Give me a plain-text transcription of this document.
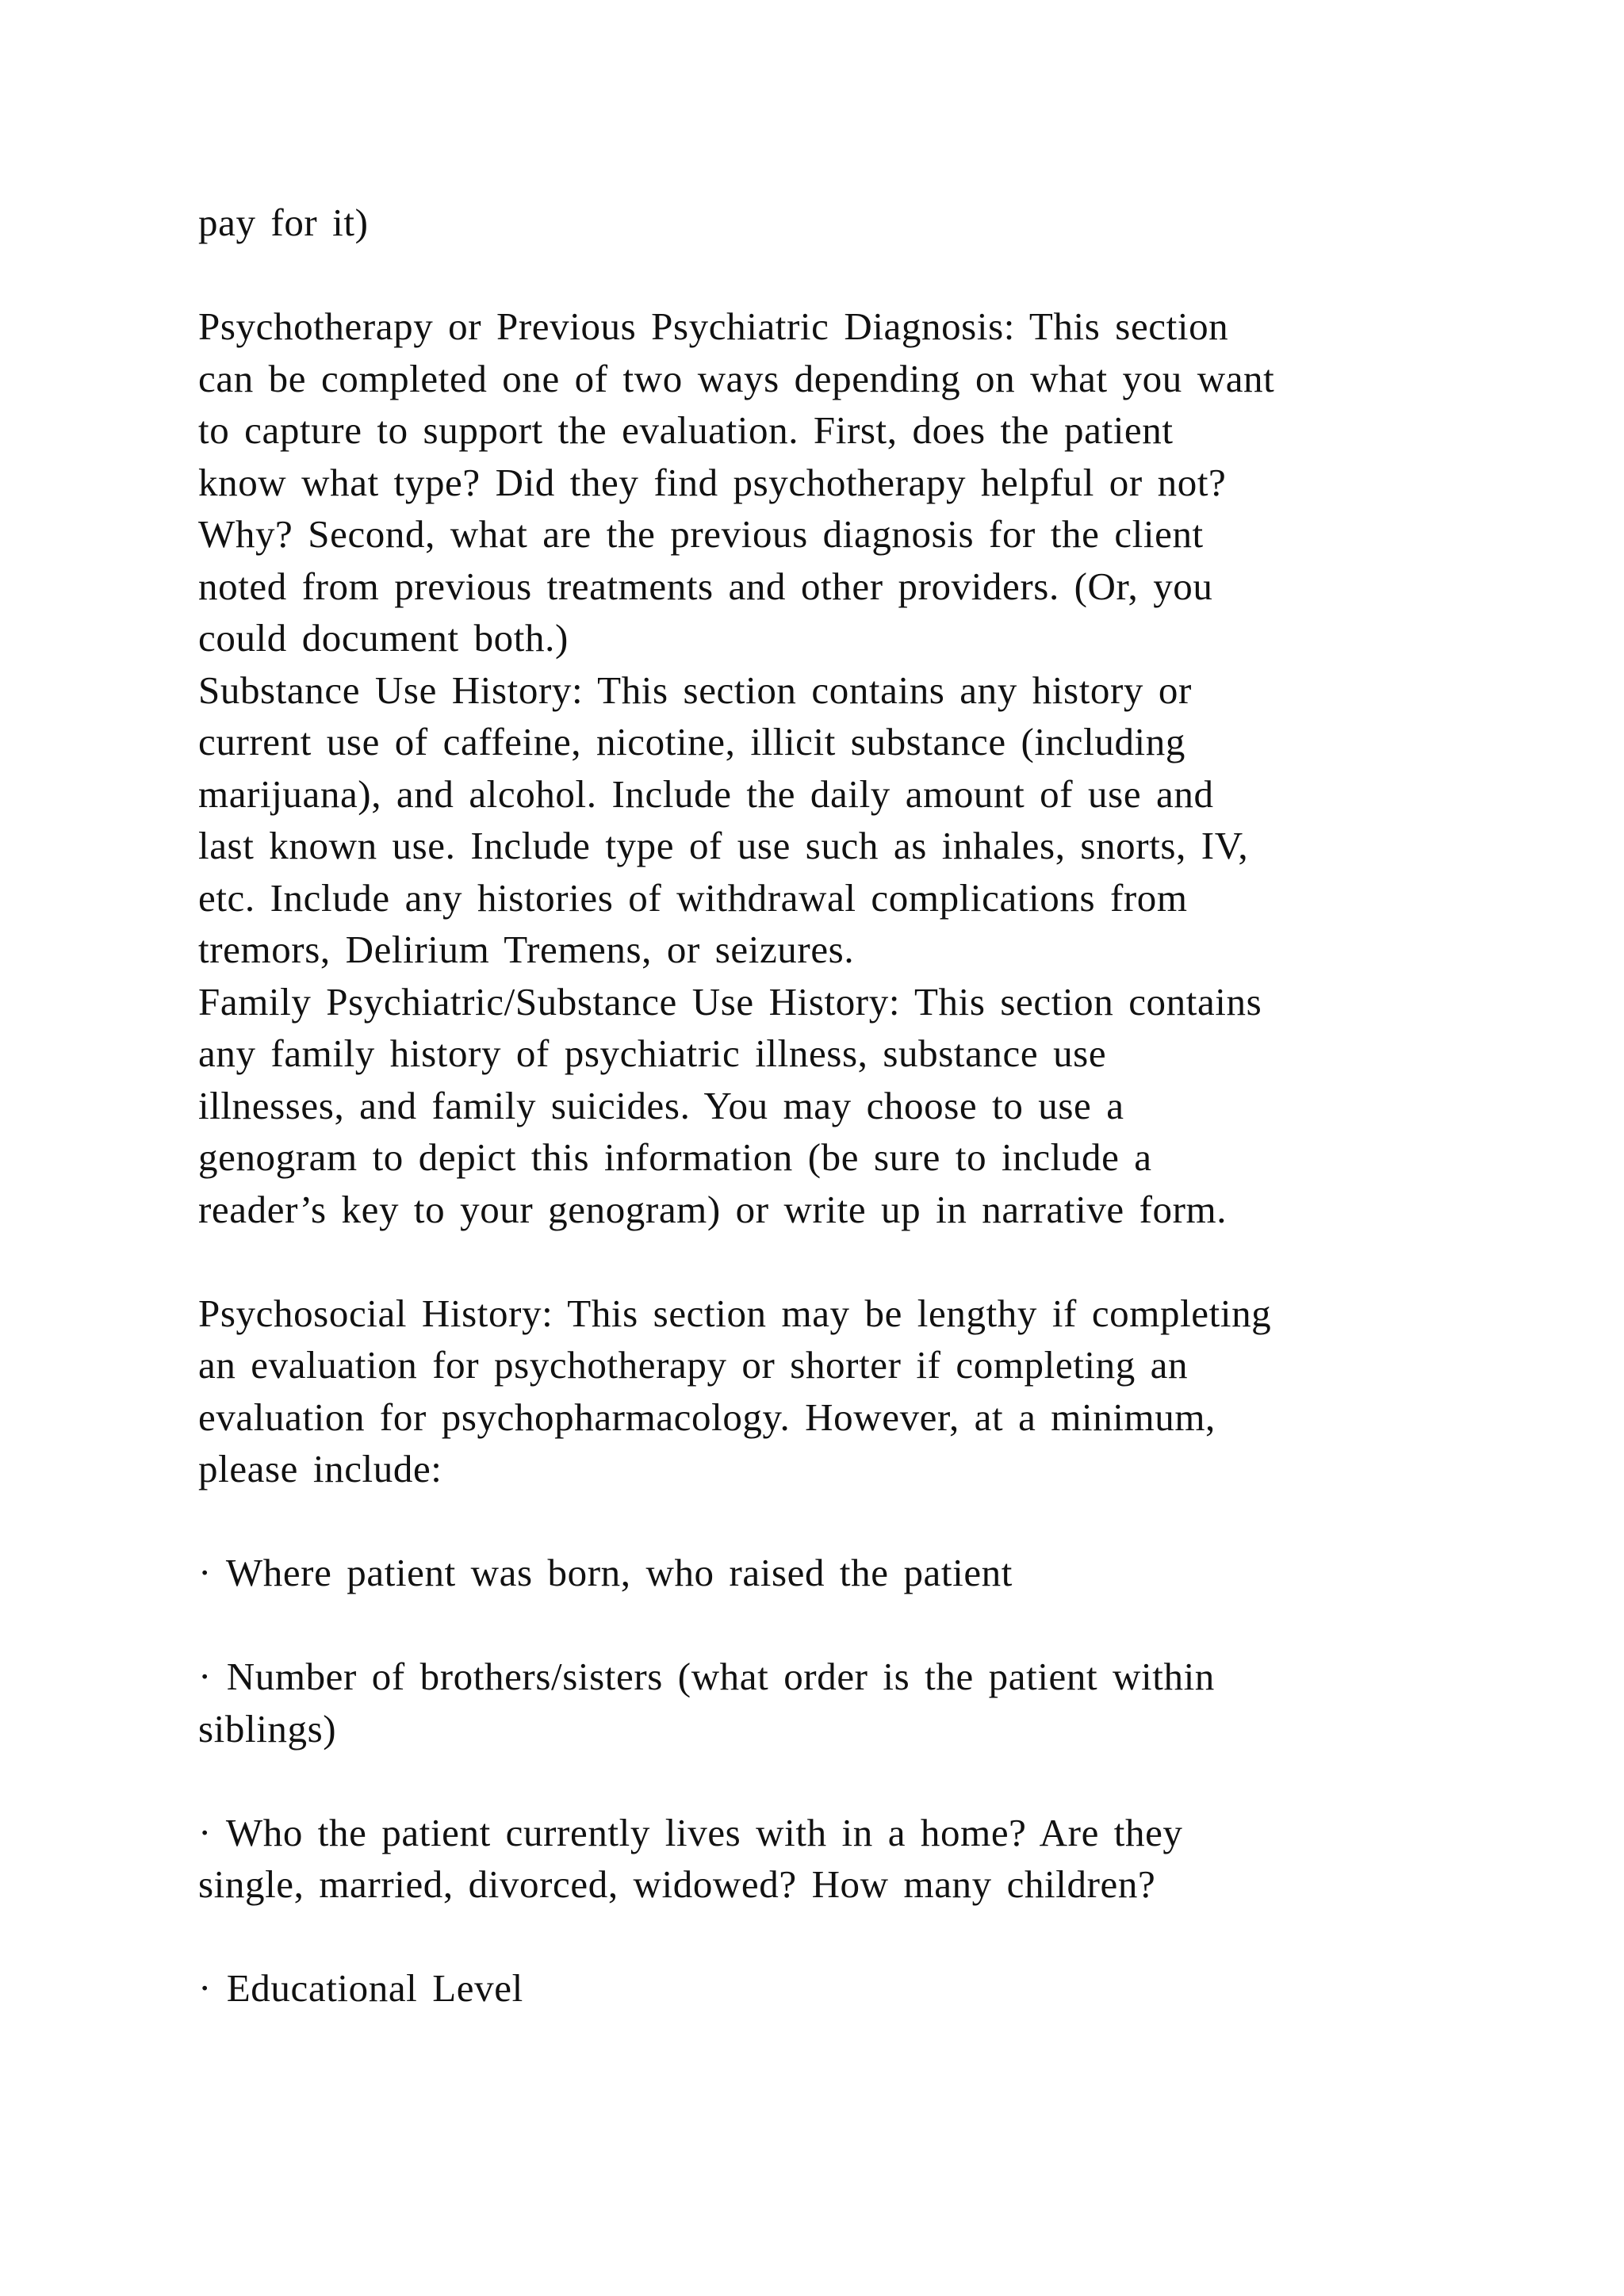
pay for it)
Psychotherapy or Previous Psychiatric Diagnosis: This section
can be completed one of two ways depending on what you want
to capture to support the evaluation. First, does the patient
know what type? Did they find psychotherapy helpful or not?
Why? Second, what are the previous diagnosis for the client
noted from previous treatments and other providers. (Or, you
could document both.)
Substance Use History: This section contains any history or
current use of caffeine, nicotine, illicit substance (including
marijuana), and alcohol. Include the daily amount of use and
last known use. Include type of use such as inhales, snorts, IV,
etc. Include any histories of withdrawal complications from
tremors, Delirium Tremens, or seizures.
Family Psychiatric/Substance Use History: This section contains
any family history of psychiatric illness, substance use
illnesses, and family suicides. You may choose to use a
genogram to depict this information (be sure to include a
reader’s key to your genogram) or write up in narrative form.
Psychosocial History: This section may be lengthy if completing
an evaluation for psychotherapy or shorter if completing an
evaluation for psychopharmacology. However, at a minimum,
please include:
· Where patient was born, who raised the patient
· Number of brothers/sisters (what order is the patient within
siblings)
· Who the patient currently lives with in a home? Are they
single, married, divorced, widowed? How many children?
· Educational Level
